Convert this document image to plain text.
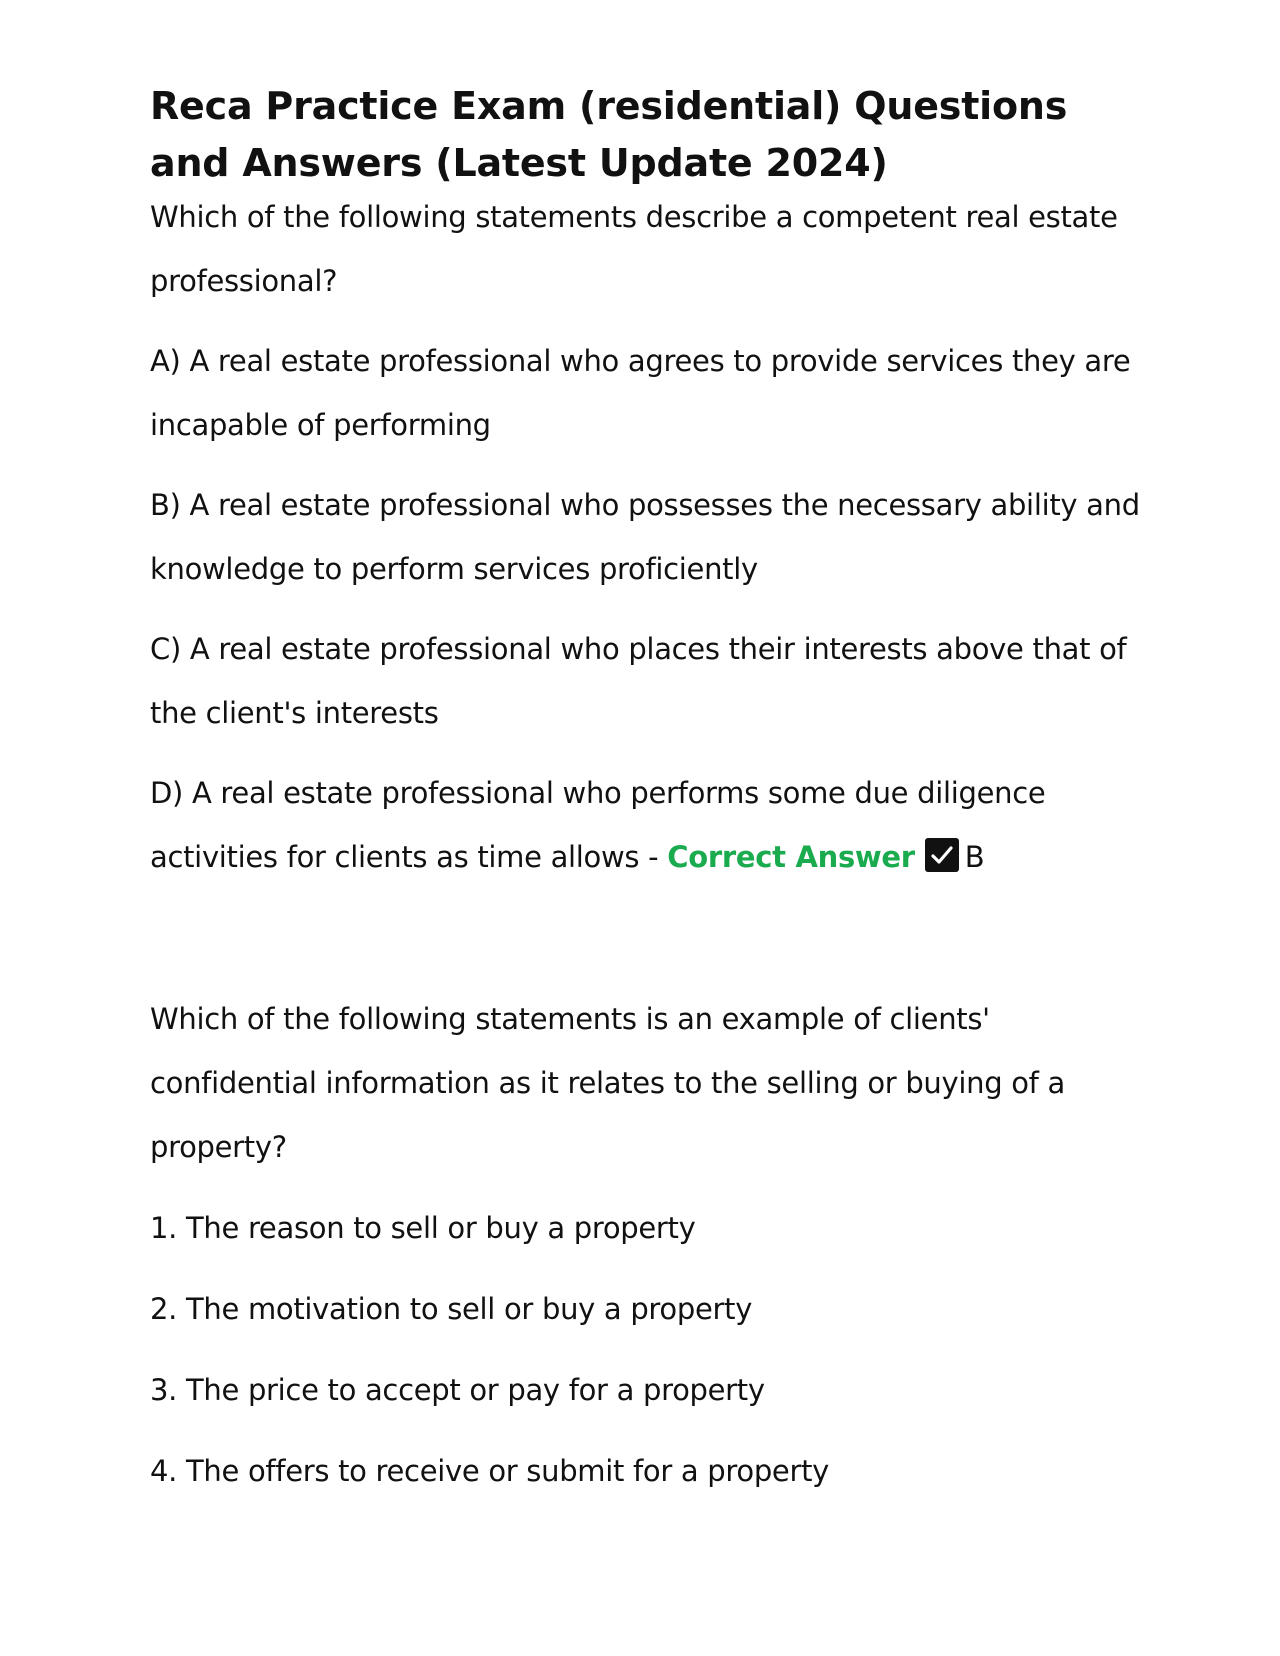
Reca Practice Exam (residential) Questions and Answers (Latest Update 2024)

Which of the following statements describe a competent real estate professional?

A) A real estate professional who agrees to provide services they are incapable of performing

B) A real estate professional who possesses the necessary ability and knowledge to perform services proficiently

C) A real estate professional who places their interests above that of the client's interests

D) A real estate professional who performs some due diligence activities for clients as time allows - Correct Answer B

Which of the following statements is an example of clients' confidential information as it relates to the selling or buying of a property?

1. The reason to sell or buy a property

2. The motivation to sell or buy a property

3. The price to accept or pay for a property

4. The offers to receive or submit for a property
